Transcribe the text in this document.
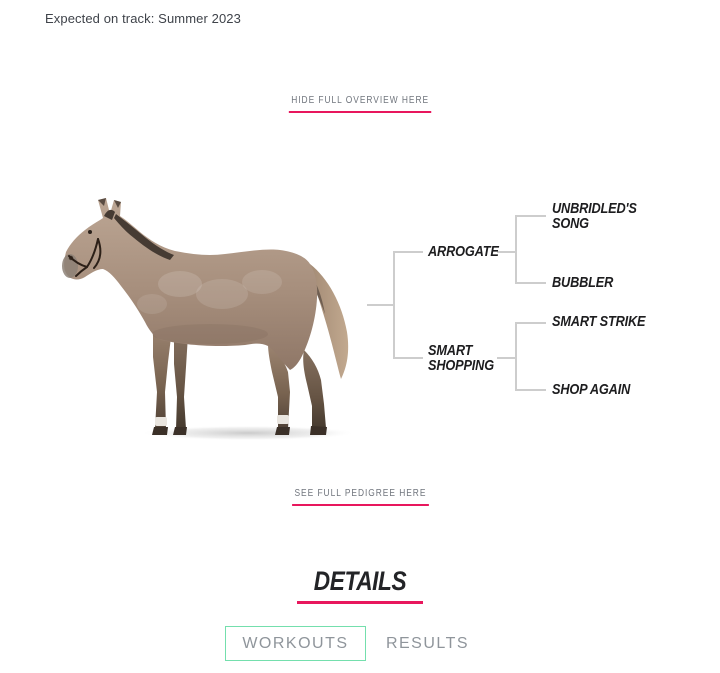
Expected on track: Summer 2023
HIDE FULL OVERVIEW HERE
ARROGATE
SMART SHOPPING
UNBRIDLED'S SONG
BUBBLER
SMART STRIKE
SHOP AGAIN
SEE FULL PEDIGREE HERE
DETAILS
WORKOUTS	RESULTS
